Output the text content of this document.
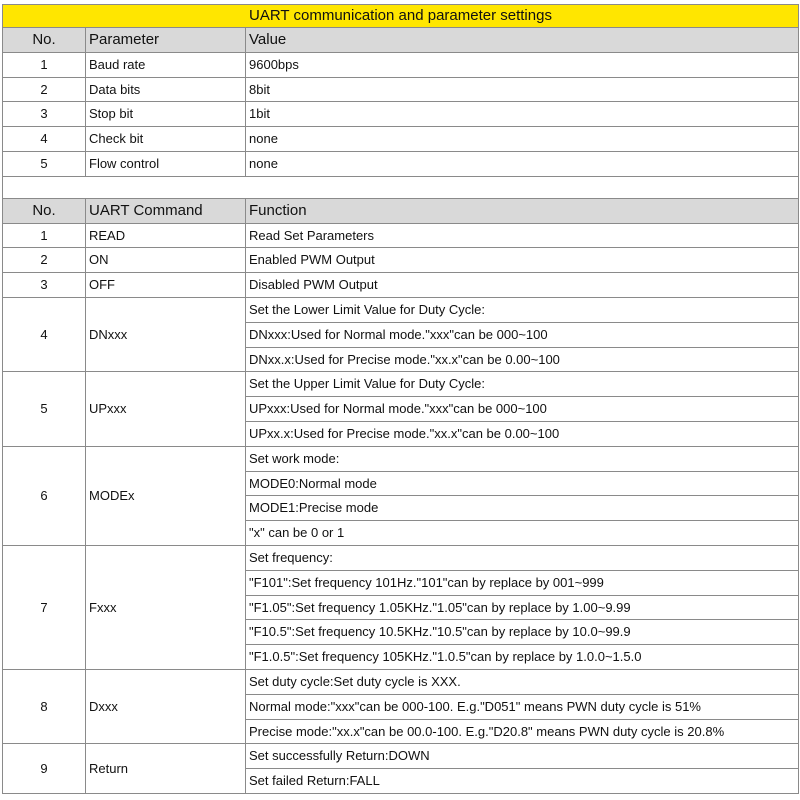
UART communication and parameter settings		
No.	Parameter	Value
1	Baud rate	9600bps
2	Data bits	8bit
3	Stop bit	1bit
4	Check bit	none
5	Flow control	none

No.	UART Command	Function
1	READ	Read Set Parameters
2	ON	Enabled PWM Output
3	OFF	Disabled PWM Output
4	DNxxx	Set the Lower Limit Value for Duty Cycle:
		DNxxx:Used for Normal mode."xxx"can be 000~100
		DNxx.x:Used for Precise mode."xx.x"can be 0.00~100
5	UPxxx	Set the Upper Limit Value for Duty Cycle:
		UPxxx:Used for Normal mode."xxx"can be 000~100
		UPxx.x:Used for Precise mode."xx.x"can be 0.00~100
6	MODEx	Set work mode:
		MODE0:Normal mode
		MODE1:Precise mode
		"x" can be 0 or 1
7	Fxxx	Set frequency:
		"F101":Set frequency 101Hz."101"can by replace by 001~999
		"F1.05":Set frequency 1.05KHz."1.05"can by replace by 1.00~9.99
		"F10.5":Set frequency 10.5KHz."10.5"can by replace by 10.0~99.9
		"F1.0.5":Set frequency 105KHz."1.0.5"can by replace by 1.0.0~1.5.0
8	Dxxx	Set duty cycle:Set duty cycle is XXX.
		Normal mode:"xxx"can be 000-100. E.g."D051" means PWN duty cycle is 51%
		Precise mode:"xx.x"can be 00.0-100. E.g."D20.8" means PWN duty cycle is 20.8%
9	Return	Set successfully Return:DOWN
		Set failed Return:FALL
